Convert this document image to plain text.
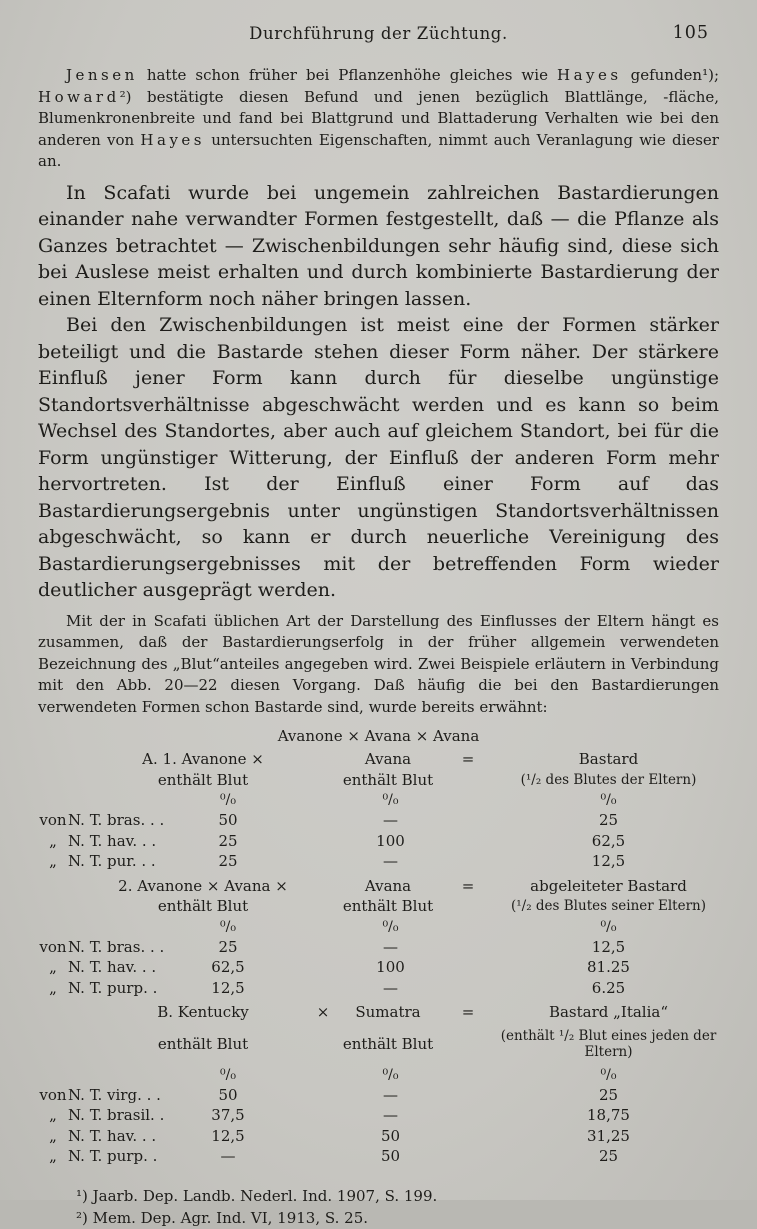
Durchführung der Züchtung.	105

Jensen hatte schon früher bei Pflanzenhöhe gleiches wie Hayes gefunden¹); Howard²) bestätigte diesen Befund und jenen bezüglich Blattlänge, -fläche, Blumenkronenbreite und fand bei Blattgrund und Blattaderung Verhalten wie bei den anderen von Hayes untersuchten Eigenschaften, nimmt auch Veranlagung wie dieser an.

In Scafati wurde bei ungemein zahlreichen Bastardierungen einander nahe verwandter Formen festgestellt, daß — die Pflanze als Ganzes betrachtet — Zwischenbildungen sehr häufig sind, diese sich bei Auslese meist erhalten und durch kombinierte Bastardierung der einen Elternform noch näher bringen lassen.

Bei den Zwischenbildungen ist meist eine der Formen stärker beteiligt und die Bastarde stehen dieser Form näher. Der stärkere Einfluß jener Form kann durch für dieselbe ungünstige Standortsverhältnisse abgeschwächt werden und es kann so beim Wechsel des Standortes, aber auch auf gleichem Standort, bei für die Form ungünstiger Witterung, der Einfluß der anderen Form mehr hervortreten. Ist der Einfluß einer Form auf das Bastardierungsergebnis unter ungünstigen Standortsverhältnissen abgeschwächt, so kann er durch neuerliche Vereinigung des Bastardierungsergebnisses mit der betreffenden Form wieder deutlicher ausgeprägt werden.

Mit der in Scafati üblichen Art der Darstellung des Einflusses der Eltern hängt es zusammen, daß der Bastardierungserfolg in der früher allgemein verwendeten Bezeichnung des „Blut“anteiles angegeben wird. Zwei Beispiele erläutern in Verbindung mit den Abb. 20—22 diesen Vorgang. Daß häufig die bei den Bastardierungen verwendeten Formen schon Bastarde sind, wurde bereits erwähnt:

Avanone × Avana × Avana
A. 1. Avanone ×	Avana	=	Bastard
enthält Blut	enthält Blut	(¹/₂ des Blutes der Eltern)
⁰/₀	⁰/₀	⁰/₀
von N. T. bras. . .	50	—	25
„ N. T. hav. . .	25	100	62,5
„ N. T. pur. . .	25	—	12,5
2. Avanone × Avana ×	Avana	=	abgeleiteter Bastard
enthält Blut	enthält Blut	(¹/₂ des Blutes seiner Eltern)
⁰/₀	⁰/₀	⁰/₀
von N. T. bras. . .	25	—	12,5
„ N. T. hav. . .	62,5	100	81.25
„ N. T. purp. .	12,5	—	6.25
B. Kentucky	×	Sumatra	=	Bastard „Italia“
enthält Blut	enthält Blut	(enthält ¹/₂ Blut eines jeden der Eltern)
⁰/₀	⁰/₀	⁰/₀
von N. T. virg. . .	50	—	25
„ N. T. brasil. .	37,5	—	18,75
„ N. T. hav. . .	12,5	50	31,25
„ N. T. purp. .	—	50	25
¹) Jaarb. Dep. Landb. Nederl. Ind. 1907, S. 199.
²) Mem. Dep. Agr. Ind. VI, 1913, S. 25.
